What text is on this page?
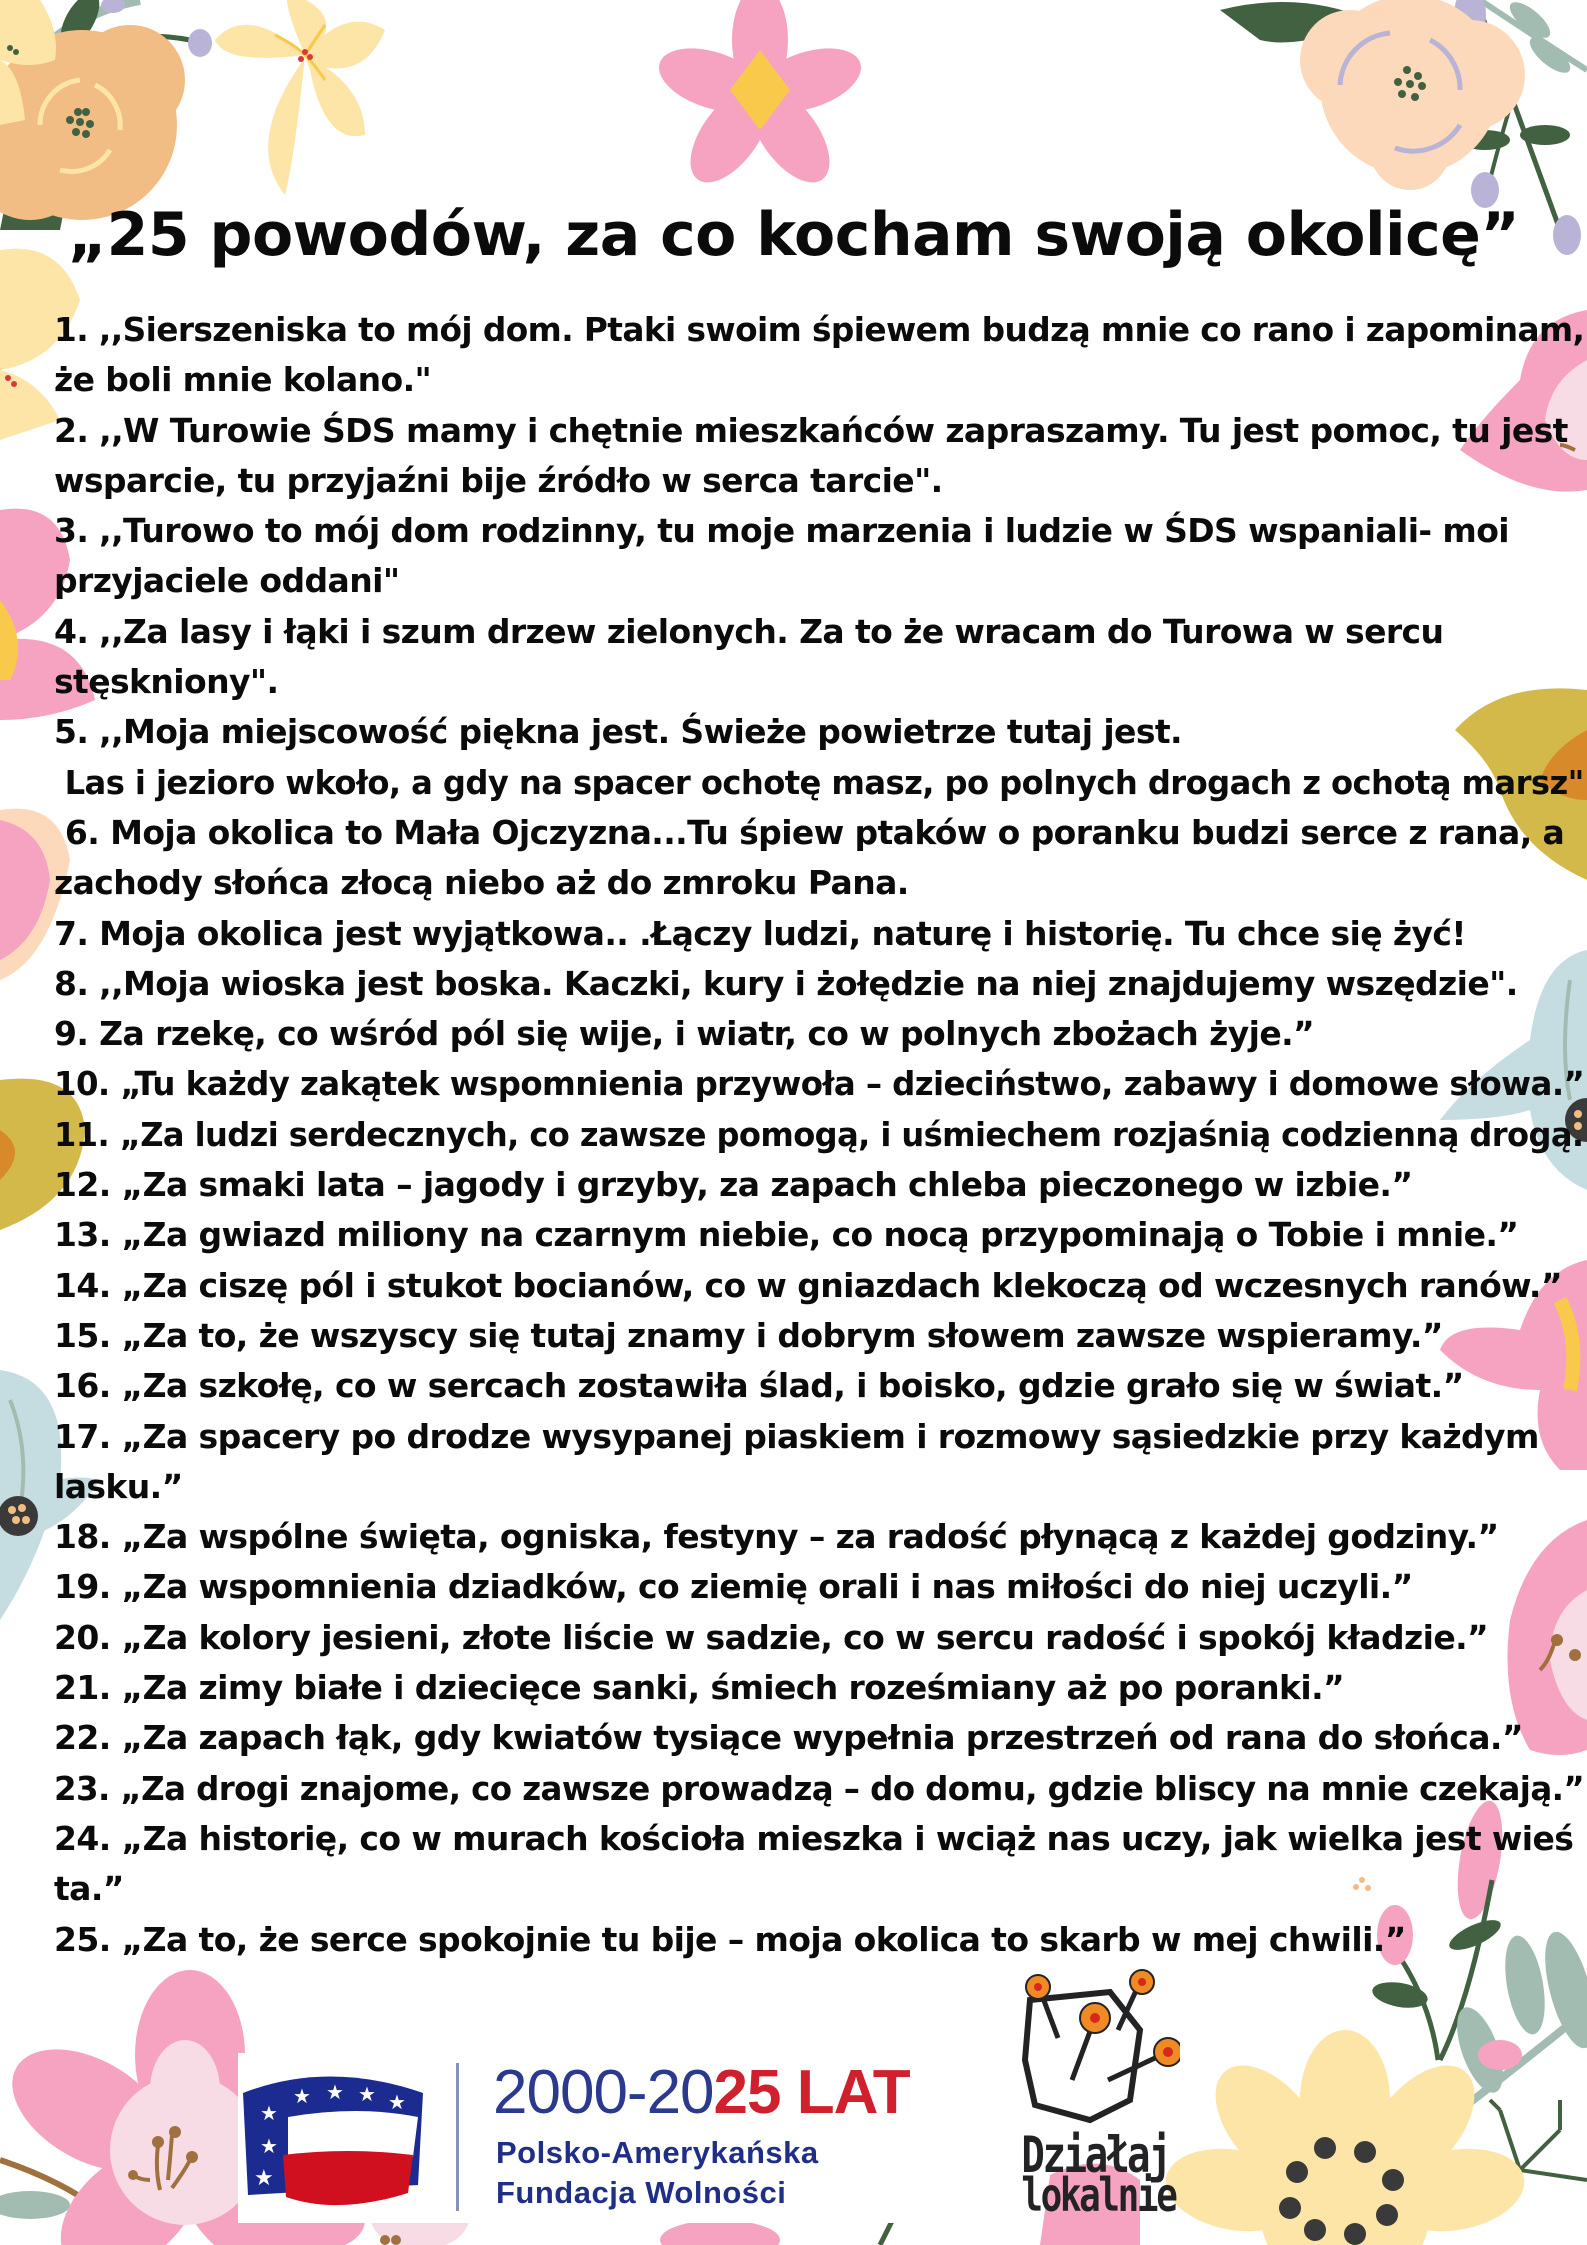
„25 powodów, za co kocham swoją okolicę”
1. ,,Sierszeniska to mój dom. Ptaki swoim śpiewem budzą mnie co rano i zapominam,
że boli mnie kolano."
2. ,,W Turowie ŚDS mamy i chętnie mieszkańców zapraszamy. Tu jest pomoc, tu jest
wsparcie, tu przyjaźni bije źródło w serca tarcie".
3. ,,Turowo to mój dom rodzinny, tu moje marzenia i ludzie w ŚDS wspaniali- moi
przyjaciele oddani"
4. ,,Za lasy i łąki i szum drzew zielonych. Za to że wracam do Turowa w sercu
stęskniony".
5. ,,Moja miejscowość piękna jest. Świeże powietrze tutaj jest.
Las i jezioro wkoło, a gdy na spacer ochotę masz, po polnych drogach z ochotą marsz"
6. Moja okolica to Mała Ojczyzna...Tu śpiew ptaków o poranku budzi serce z rana, a
zachody słońca złocą niebo aż do zmroku Pana.
7. Moja okolica jest wyjątkowa.. .Łączy ludzi, naturę i historię. Tu chce się żyć!
8. ,,Moja wioska jest boska. Kaczki, kury i żołędzie na niej znajdujemy wszędzie".
9. Za rzekę, co wśród pól się wije, i wiatr, co w polnych zbożach żyje.”
10. „Tu każdy zakątek wspomnienia przywoła – dzieciństwo, zabawy i domowe słowa.”
11. „Za ludzi serdecznych, co zawsze pomogą, i uśmiechem rozjaśnią codzienną drogą.
12. „Za smaki lata – jagody i grzyby, za zapach chleba pieczonego w izbie.”
13. „Za gwiazd miliony na czarnym niebie, co nocą przypominają o Tobie i mnie.”
14. „Za ciszę pól i stukot bocianów, co w gniazdach klekoczą od wczesnych ranów.”
15. „Za to, że wszyscy się tutaj znamy i dobrym słowem zawsze wspieramy.”
16. „Za szkołę, co w sercach zostawiła ślad, i boisko, gdzie grało się w świat.”
17. „Za spacery po drodze wysypanej piaskiem i rozmowy sąsiedzkie przy każdym
lasku.”
18. „Za wspólne święta, ogniska, festyny – za radość płynącą z każdej godziny.”
19. „Za wspomnienia dziadków, co ziemię orali i nas miłości do niej uczyli.”
20. „Za kolory jesieni, złote liście w sadzie, co w sercu radość i spokój kładzie.”
21. „Za zimy białe i dziecięce sanki, śmiech roześmiany aż po poranki.”
22. „Za zapach łąk, gdy kwiatów tysiące wypełnia przestrzeń od rana do słońca.”
23. „Za drogi znajome, co zawsze prowadzą – do domu, gdzie bliscy na mnie czekają.”
24. „Za historię, co w murach kościoła mieszka i wciąż nas uczy, jak wielka jest wieś
ta.”
25. „Za to, że serce spokojnie tu bije – moja okolica to skarb w mej chwili.”
★
★ ★ ★ ★
★
★
2000-2025 LAT
Polsko-Amerykańska
Fundacja Wolności
Działaj
lokalnie
